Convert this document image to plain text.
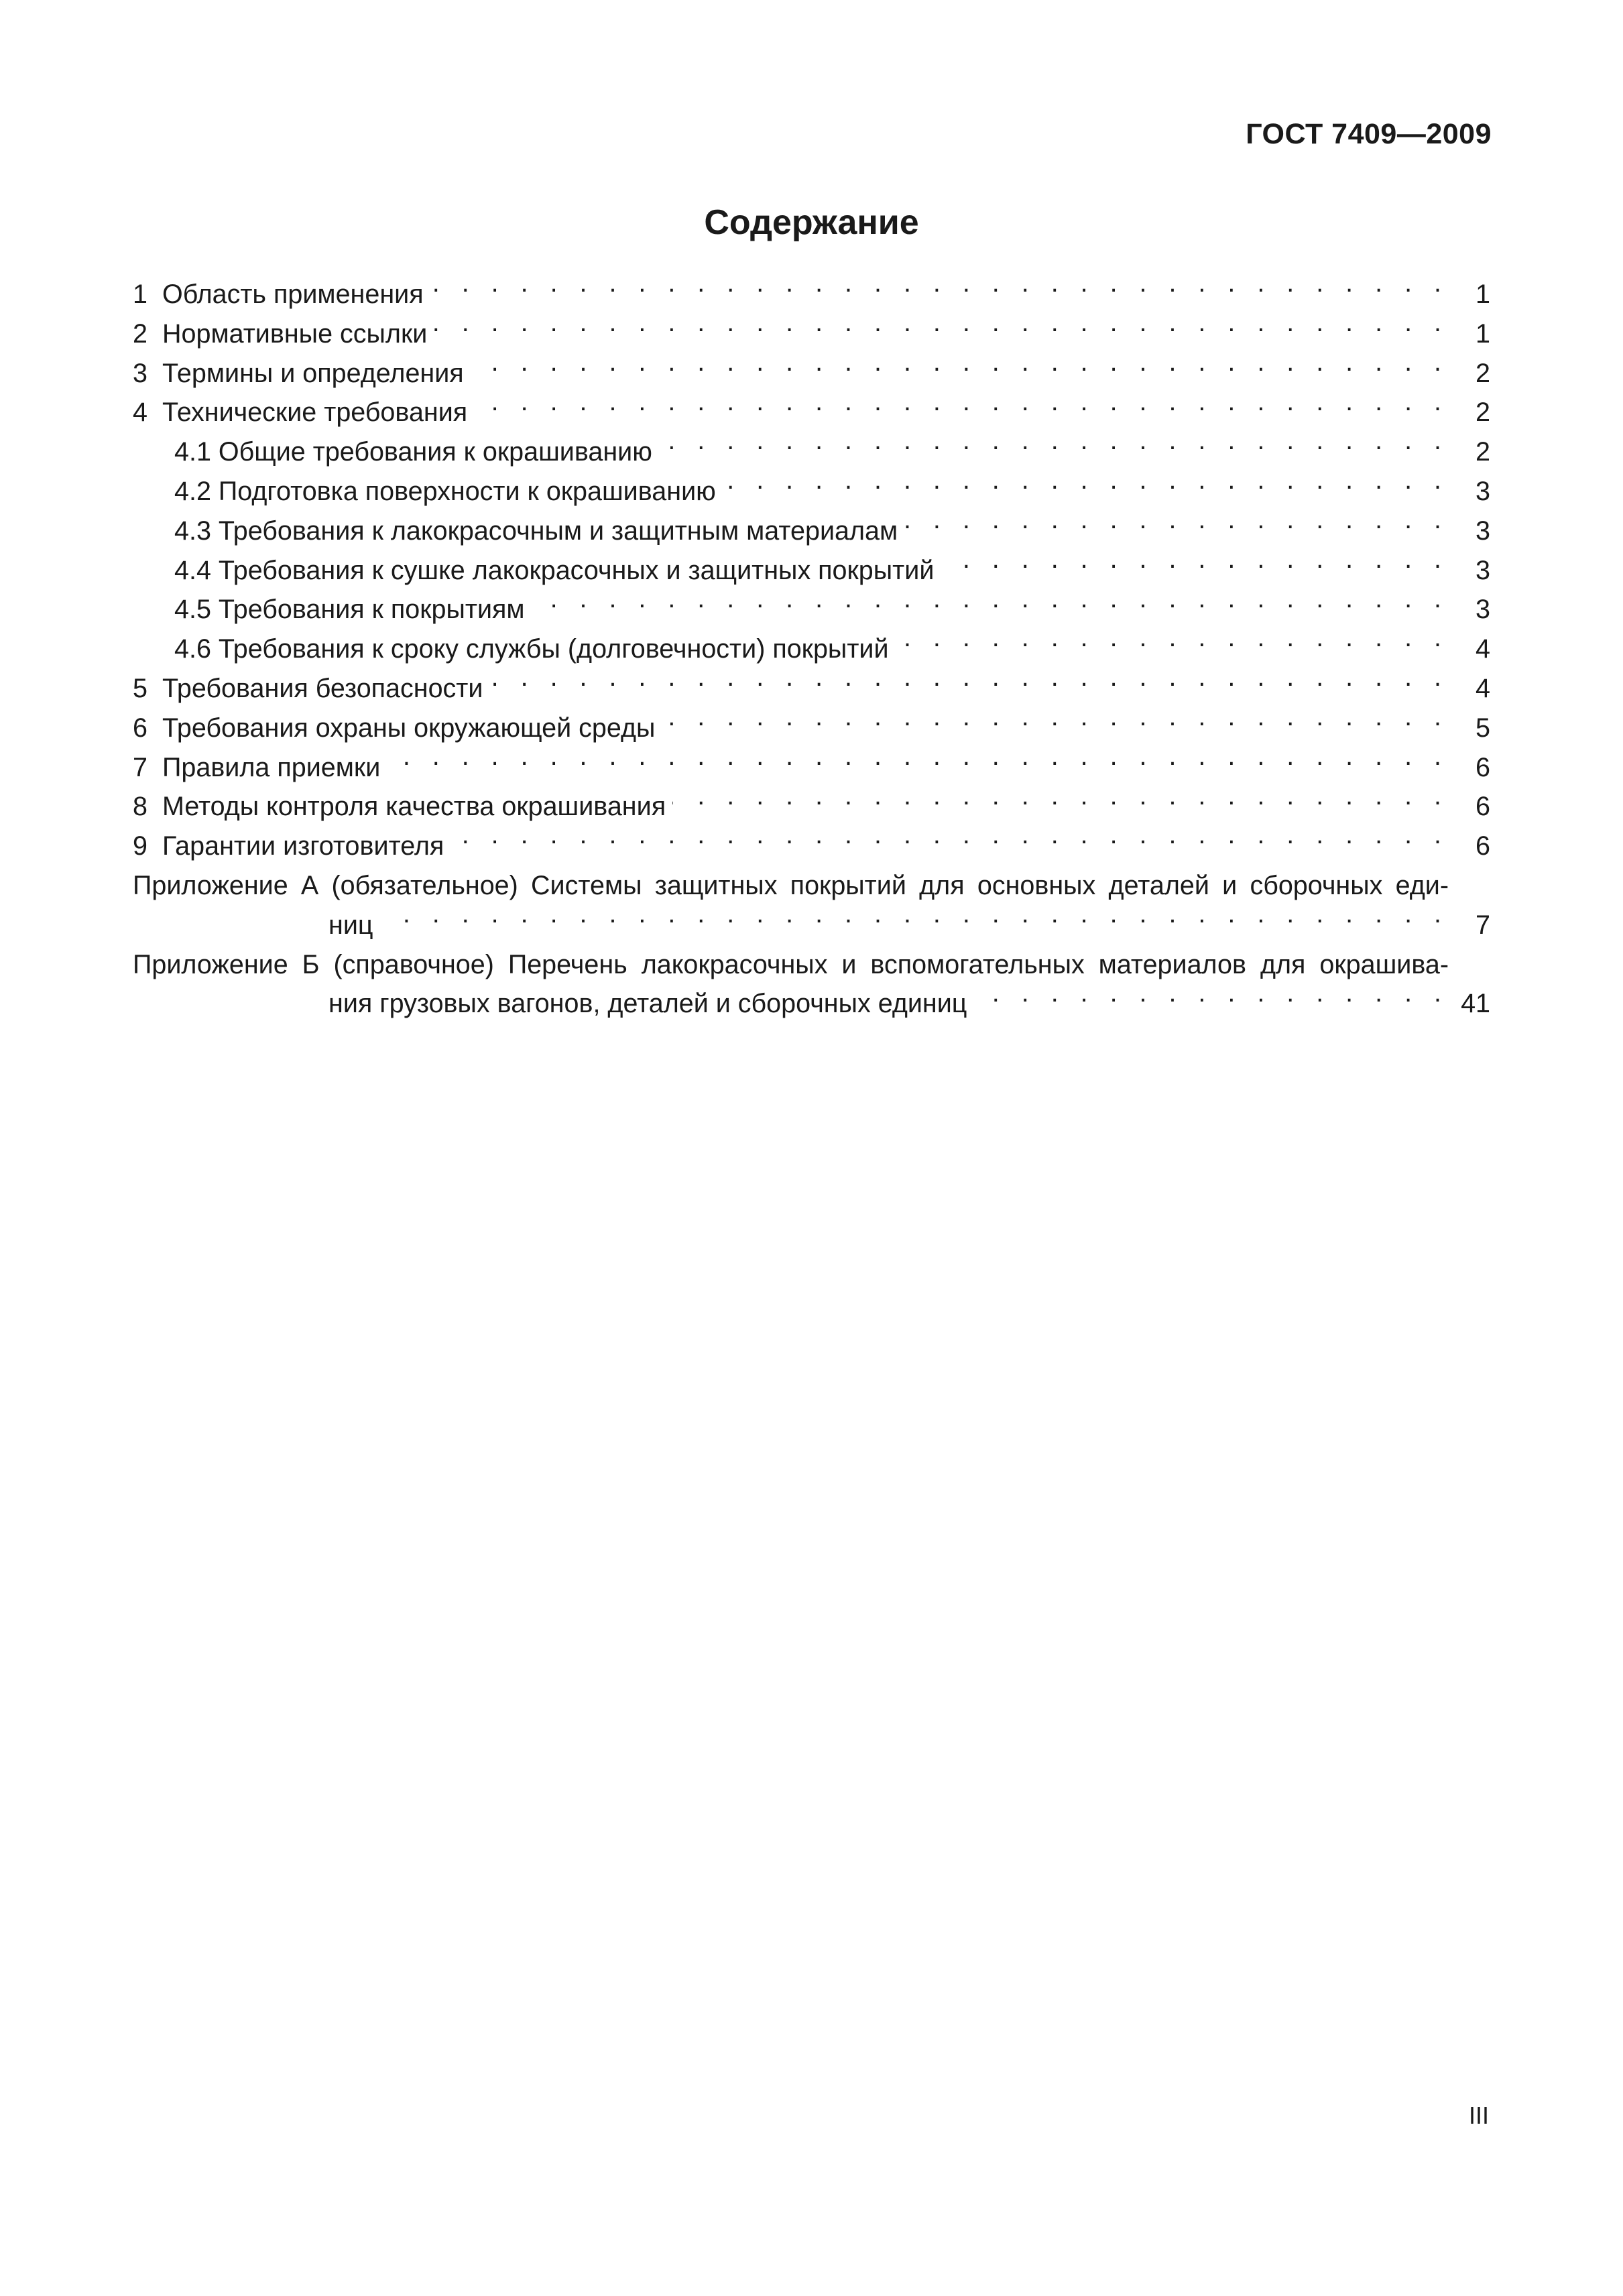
ГОСТ 7409—2009
Содержание
1 Область применения . . .	1
2 Нормативные ссылки . . .	1
3 Термины и определения . . .	2
4 Технические требования . . .	2
4.1 Общие требования к окрашиванию . . .	2
4.2 Подготовка поверхности к окрашиванию . . .	3
4.3 Требования к лакокрасочным и защитным материалам . . .	3
4.4 Требования к сушке лакокрасочных и защитных покрытий . . .	3
4.5 Требования к покрытиям . . .	3
4.6 Требования к сроку службы (долговечности) покрытий . . .	4
5 Требования безопасности . . .	4
6 Требования охраны окружающей среды . . .	5
7 Правила приемки . . .	6
8 Методы контроля качества окрашивания . . .	6
9 Гарантии изготовителя . . .	6
Приложение А (обязательное) Системы защитных покрытий для основных деталей и сборочных еди-
ниц . . .	7
Приложение Б (справочное) Перечень лакокрасочных и вспомогательных материалов для окрашива-
ния грузовых вагонов, деталей и сборочных единиц . . .	41
III
